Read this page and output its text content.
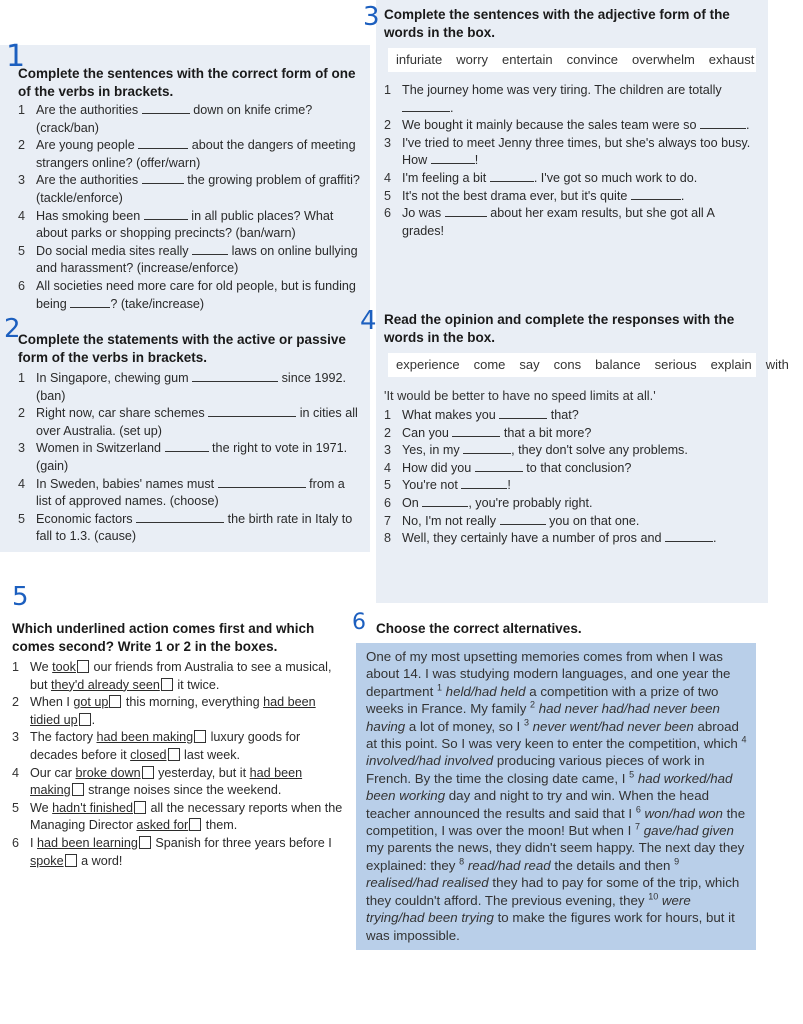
Complete the sentences with the correct form of one of the verbs in brackets.

1 Are the authorities	down on knife crime? (crack/ban)
2 Are young people	about the dangers of meeting strangers online? (offer/warn)
3 Are the authorities	the growing problem of graffiti? (tackle/enforce)
4 Has smoking been	in all public places? What about parks or shopping precincts? (ban/warn)
5 Do social media sites really	laws on online bullying and harassment? (increase/enforce)
6 All societies need more care for old people, but is funding being	? (take/increase)

Complete the statements with the active or passive form of the verbs in brackets.

1 In Singapore, chewing gum	since 1992. (ban)
2 Right now, car share schemes	in cities all over Australia. (set up)
3 Women in Switzerland	the right to vote in 1971. (gain)
4 In Sweden, babies' names must	from a list of approved names. (choose)
5 Economic factors	the birth rate in Italy to fall to 1.3. (cause)

Complete the sentences with the adjective form of the words in the box.

infuriate worry entertain convince overwhelm exhaust
1 The journey home was very tiring. The children are totally .
2 We bought it mainly because the sales team were so	.
3 I've tried to meet Jenny three times, but she's always too busy. How	!
4 I'm feeling a bit	. I've got so much work to do.
5 It's not the best drama ever, but it's quite	.
6 Jo was	about her exam results, but she got all A grades!

Read the opinion and complete the responses with the words in the box.

experience come say cons balance serious explain with

'It would be better to have no speed limits at all.'

1 What makes you	that?
2 Can you	that a bit more?
3 Yes, in my	, they don't solve any problems.
4 How did you	to that conclusion?
5 You're not	!
6 On	, you're probably right.
7 No, I'm not really	you on that one.
8 Well, they certainly have a number of pros and	.

Which underlined action comes first and which comes second? Write 1 or 2 in the boxes.

1 We took our friends from Australia to see a musical, but they'd already seen it twice.
2 When I got up this morning, everything had been tidied up .
3 The factory had been making luxury goods for decades before it closed last week.
4 Our car broke down yesterday, but it had been making strange noises since the weekend.
5 We hadn't finished all the necessary reports when the Managing Director asked for them.
6 I had been learning Spanish for three years before I spoke a word!

Choose the correct alternatives.

One of my most upsetting memories comes from when I was about 14. I was studying modern languages, and one year the department $^1$ held/had held a competition with a prize of two weeks in France. My family $^2$ had never had/had never been having a lot of money, so I $^3$ never went/had never been abroad at this point. So I was very keen to enter the competition, which $^4$ involved/had involved producing various pieces of work in French. By the time the closing date came, I $^5$ had worked/had been working day and night to try and win. When the head teacher announced the results and said that I $^6$ won/had won the competition, I was over the moon! But when I $^7$ gave/had given my parents the news, they didn't seem happy. The next day they explained: they $^8$ read/had read the details and then $^9$ realised/had realised they had to pay for some of the trip, which they couldn't afford. The previous evening, they $^{10}$ were trying/had been trying to make the figures work for hours, but it was impossible.
3
1
2	4
5
6
